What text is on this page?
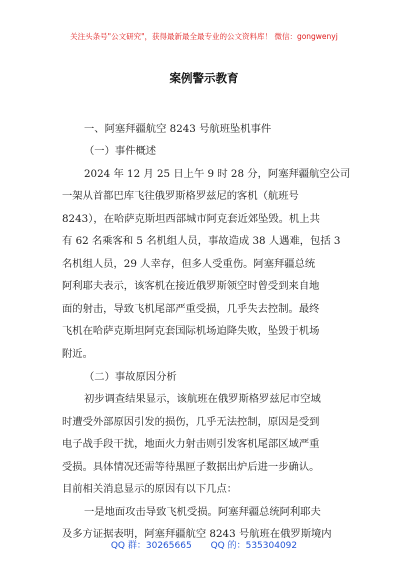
关注头条号"公文研究"，获得最新最全最专业的公文资料库！ 微信：gongwenyj
案例警示教育
一、阿塞拜疆航空 8243 号航班坠机事件
（一）事件概述
2024 年 12 月 25 日上午 9 时 28 分，阿塞拜疆航空公司
一架从首都巴库飞往俄罗斯格罗兹尼的客机（航班号
8243），在哈萨克斯坦西部城市阿克套近郊坠毁。机上共
有 62 名乘客和 5 名机组人员，事故造成 38 人遇难，包括 3
名机组人员，29 人幸存，但多人受重伤。阿塞拜疆总统
阿利耶夫表示，该客机在接近俄罗斯领空时曾受到来自地
面的射击，导致飞机尾部严重受损，几乎失去控制。最终
飞机在哈萨克斯坦阿克套国际机场迫降失败，坠毁于机场
附近。
（二）事故原因分析
初步调查结果显示，该航班在俄罗斯格罗兹尼市空域
时遭受外部原因引发的损伤，几乎无法控制，原因是受到
电子战手段干扰，地面火力射击则引发客机尾部区域严重
受损。具体情况还需等待黑匣子数据出炉后进一步确认。
目前相关消息显示的原因有以下几点：
一是地面攻击导致飞机受损。阿塞拜疆总统阿利耶夫
及多方证据表明，阿塞拜疆航空 8243 号航班在俄罗斯境内
QQ 群：30265665 QQ 的：535304092
